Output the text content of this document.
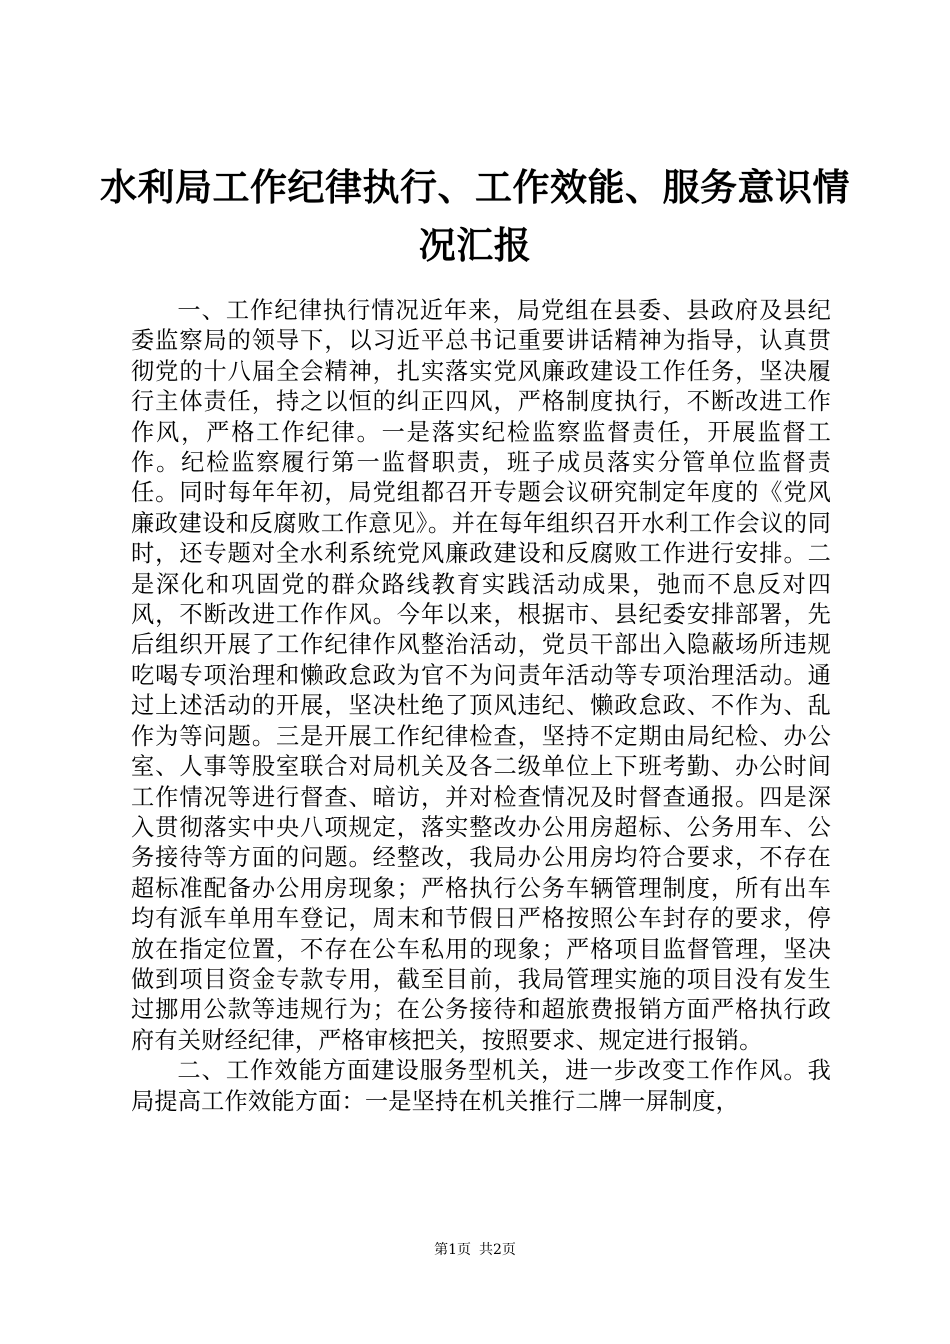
水利局工作纪律执行、工作效能、服务意识情况汇报

一、工作纪律执行情况近年来，局党组在县委、县政府及县纪委监察局的领导下，以习近平总书记重要讲话精神为指导，认真贯彻党的十八届全会精神，扎实落实党风廉政建设工作任务，坚决履行主体责任，持之以恒的纠正四风，严格制度执行，不断改进工作作风，严格工作纪律。一是落实纪检监察监督责任，开展监督工作。纪检监察履行第一监督职责，班子成员落实分管单位监督责任。同时每年年初，局党组都召开专题会议研究制定年度的《党风廉政建设和反腐败工作意见》。并在每年组织召开水利工作会议的同时，还专题对全水利系统党风廉政建设和反腐败工作进行安排。二是深化和巩固党的群众路线教育实践活动成果，弛而不息反对四风，不断改进工作作风。今年以来，根据市、县纪委安排部署，先后组织开展了工作纪律作风整治活动，党员干部出入隐蔽场所违规吃喝专项治理和懒政怠政为官不为问责年活动等专项治理活动。通过上述活动的开展，坚决杜绝了顶风违纪、懒政怠政、不作为、乱作为等问题。三是开展工作纪律检查，坚持不定期由局纪检、办公室、人事等股室联合对局机关及各二级单位上下班考勤、办公时间工作情况等进行督查、暗访，并对检查情况及时督查通报。四是深入贯彻落实中央八项规定，落实整改办公用房超标、公务用车、公务接待等方面的问题。经整改，我局办公用房均符合要求，不存在超标准配备办公用房现象；严格执行公务车辆管理制度，所有出车均有派车单用车登记，周末和节假日严格按照公车封存的要求，停放在指定位置，不存在公车私用的现象；严格项目监督管理，坚决做到项目资金专款专用，截至目前，我局管理实施的项目没有发生过挪用公款等违规行为；在公务接待和超旅费报销方面严格执行政府有关财经纪律，严格审核把关，按照要求、规定进行报销。

二、工作效能方面建设服务型机关，进一步改变工作作风。我局提高工作效能方面：一是坚持在机关推行二牌一屏制度，

第1页 共2页
